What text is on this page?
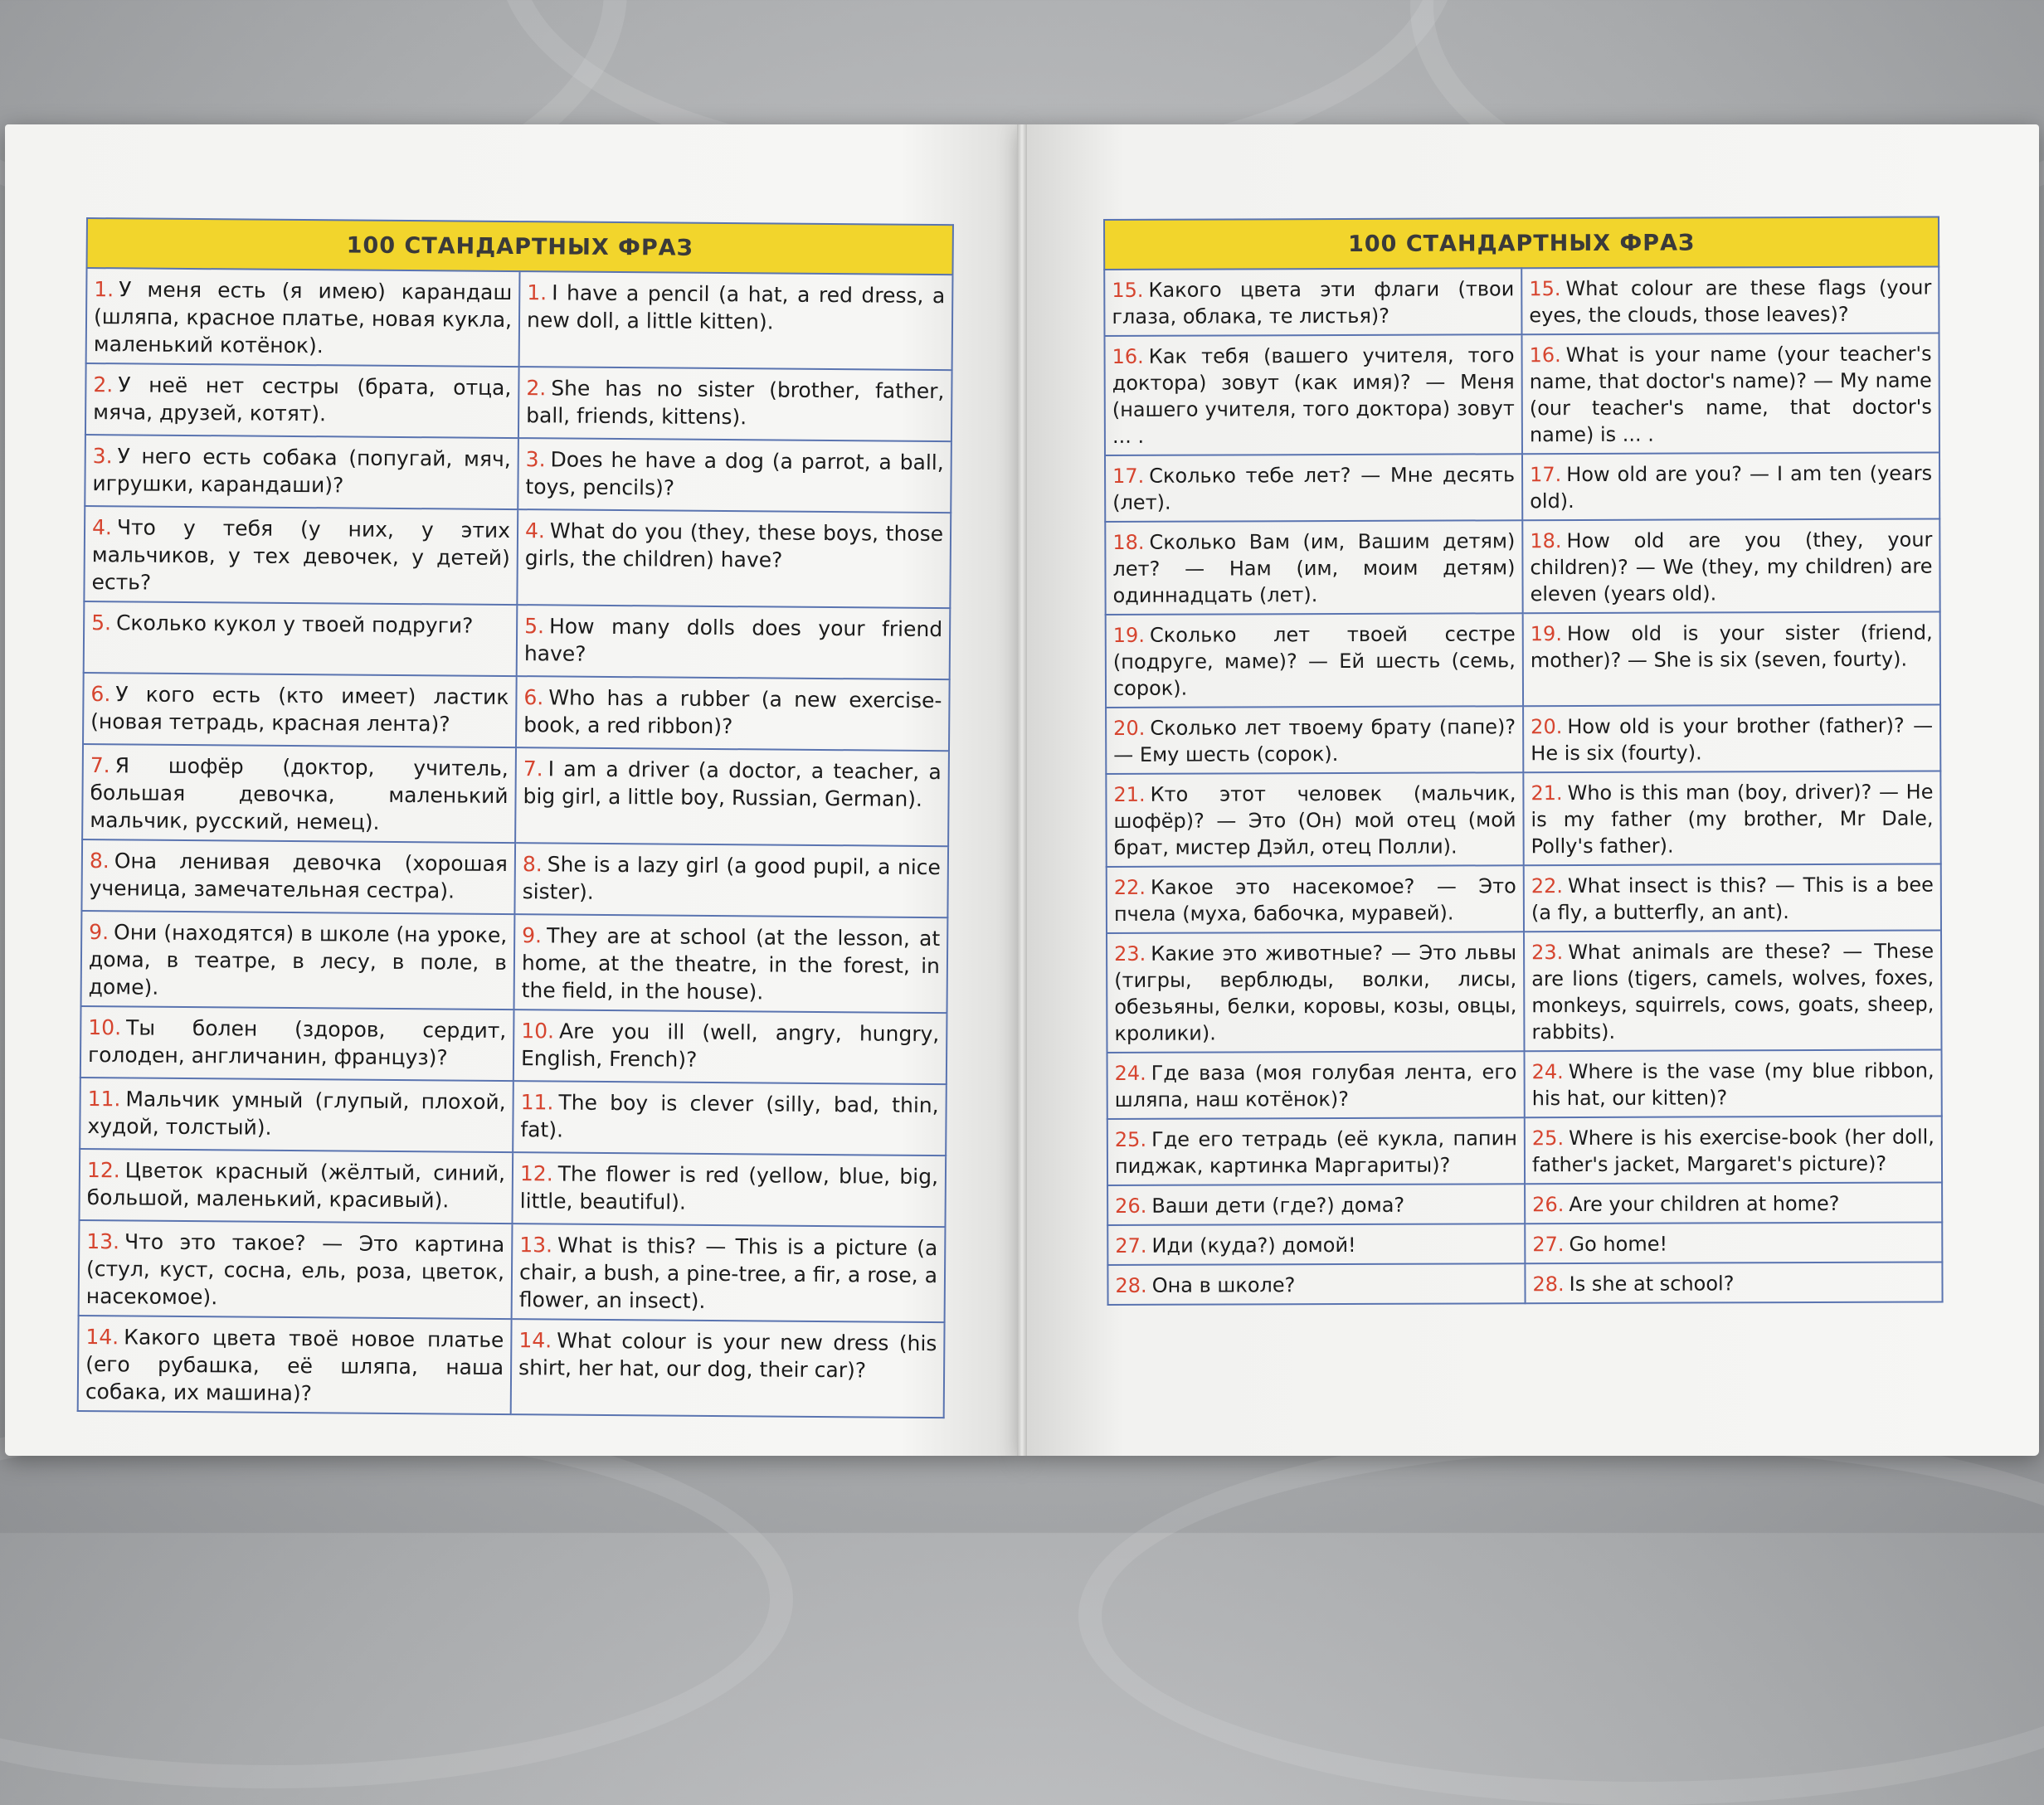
100 СТАНДАРТНЫХ ФРАЗ	
1. У меня есть (я имею) карандаш (шляпа, красное платье, новая кукла, маленький котёнок).	1. I have a pencil (a hat, a red dress, a new doll, a little kitten).
2. У неё нет сестры (брата, отца, мяча, друзей, котят).	2. She has no sister (brother, father, ball, friends, kittens).
3. У него есть собака (попугай, мяч, игрушки, карандаши)?	3. Does he have a dog (a parrot, a ball, toys, pencils)?
4. Что у тебя (у них, у этих мальчиков, у тех девочек, у детей) есть?	4. What do you (they, these boys, those girls, the children) have?
5. Сколько кукол у твоей подруги?	5. How many dolls does your friend have?
6. У кого есть (кто имеет) ластик (новая тетрадь, красная лента)?	6. Who has a rubber (a new exercise-book, a red ribbon)?
7. Я шофёр (доктор, учитель, большая девочка, маленький мальчик, русский, немец).	7. I am a driver (a doctor, a teacher, a big girl, a little boy, Russian, German).
8. Она ленивая девочка (хорошая ученица, замечательная сестра).	8. She is a lazy girl (a good pupil, a nice sister).
9. Они (находятся) в школе (на уроке, дома, в театре, в лесу, в поле, в доме).	9. They are at school (at the lesson, at home, at the theatre, in the forest, in the field, in the house).
10. Ты болен (здоров, сердит, голоден, англичанин, француз)?	10. Are you ill (well, angry, hungry, English, French)?
11. Мальчик умный (глупый, плохой, худой, толстый).	11. The boy is clever (silly, bad, thin, fat).
12. Цветок красный (жёлтый, синий, большой, маленький, красивый).	12. The flower is red (yellow, blue, big, little, beautiful).
13. Что это такое? — Это картина (стул, куст, сосна, ель, роза, цветок, насекомое).	13. What is this? — This is a picture (a chair, a bush, a pine-tree, a fir, a rose, a flower, an insect).
14. Какого цвета твоё новое платье (его рубашка, её шляпа, наша собака, их машина)?	14. What colour is your new dress (his shirt, her hat, our dog, their car)?
100 СТАНДАРТНЫХ ФРАЗ	
15. Какого цвета эти флаги (твои глаза, облака, те листья)?	15. What colour are these flags (your eyes, the clouds, those leaves)?
16. Как тебя (вашего учителя, того доктора) зовут (как имя)? — Меня (нашего учителя, того доктора) зовут ... .	16. What is your name (your teacher's name, that doctor's name)? — My name (our teacher's name, that doctor's name) is ... .
17. Сколько тебе лет? — Мне десять (лет).	17. How old are you? — I am ten (years old).
18. Сколько Вам (им, Вашим детям) лет? — Нам (им, моим детям) одиннадцать (лет).	18. How old are you (they, your children)? — We (they, my children) are eleven (years old).
19. Сколько лет твоей сестре (подруге, маме)? — Ей шесть (семь, сорок).	19. How old is your sister (friend, mother)? — She is six (seven, fourty).
20. Сколько лет твоему брату (папе)? — Ему шесть (сорок).	20. How old is your brother (father)? — He is six (fourty).
21. Кто этот человек (мальчик, шофёр)? — Это (Он) мой отец (мой брат, мистер Дэйл, отец Полли).	21. Who is this man (boy, driver)? — He is my father (my brother, Mr Dale, Polly's father).
22. Какое это насекомое? — Это пчела (муха, бабочка, муравей).	22. What insect is this? — This is a bee (a fly, a butterfly, an ant).
23. Какие это животные? — Это львы (тигры, верблюды, волки, лисы, обезьяны, белки, коровы, козы, овцы, кролики).	23. What animals are these? — These are lions (tigers, camels, wolves, foxes, monkeys, squirrels, cows, goats, sheep, rabbits).
24. Где ваза (моя голубая лента, его шляпа, наш котёнок)?	24. Where is the vase (my blue ribbon, his hat, our kitten)?
25. Где его тетрадь (её кукла, папин пиджак, картинка Маргариты)?	25. Where is his exercise-book (her doll, father's jacket, Margaret's picture)?
26. Ваши дети (где?) дома?	26. Are your children at home?
27. Иди (куда?) домой!	27. Go home!
28. Она в школе?	28. Is she at school?
